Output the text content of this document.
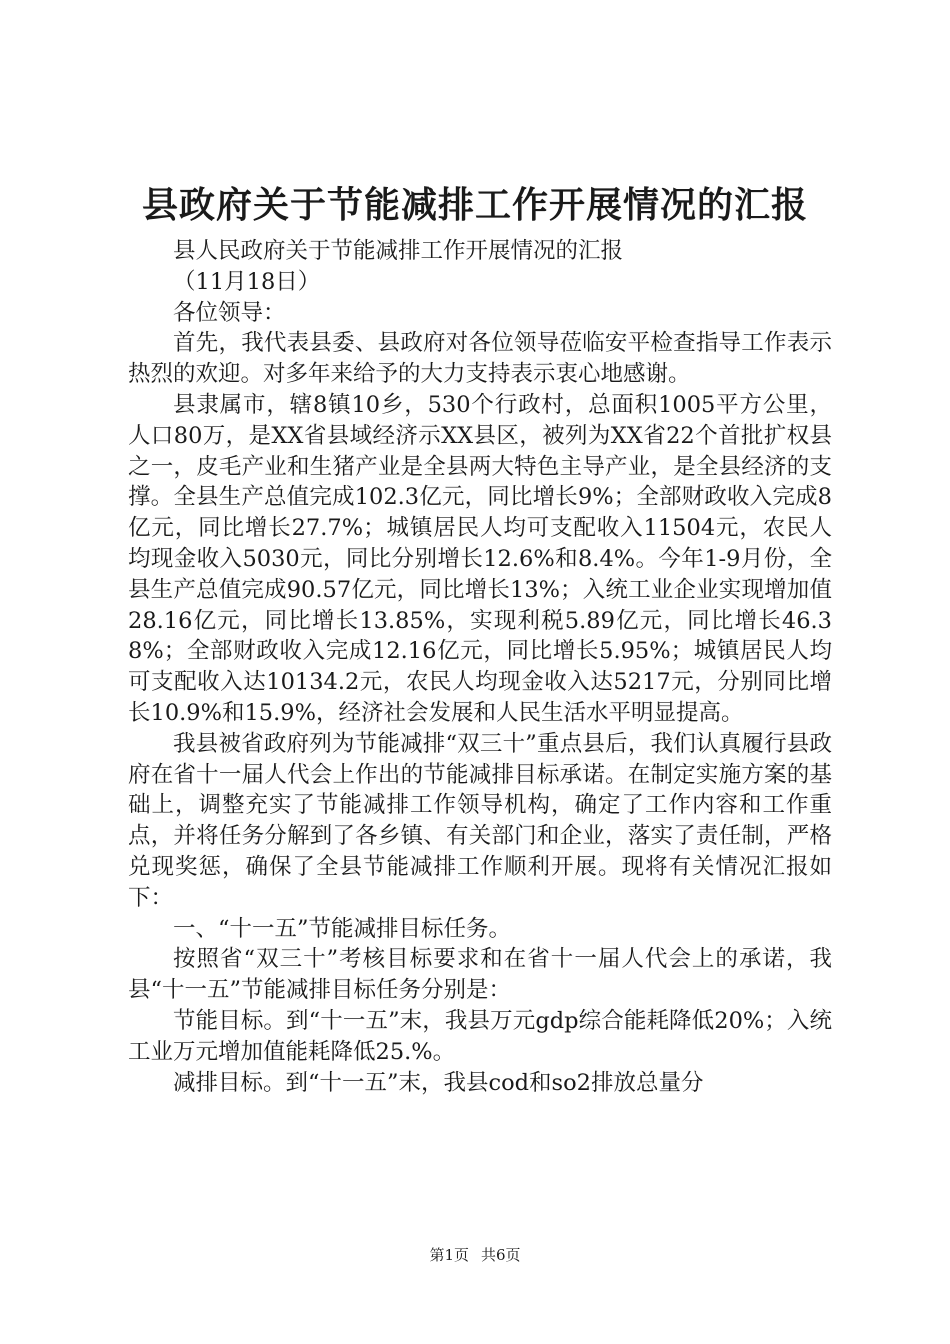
县政府关于节能减排工作开展情况的汇报

县人民政府关于节能减排工作开展情况的汇报

（11月18日）

各位领导：

首先，我代表县委、县政府对各位领导莅临安平检查指导工作表示热烈的欢迎。对多年来给予的大力支持表示衷心地感谢。

县隶属市，辖8镇10乡，530个行政村，总面积1005平方公里，人口80万，是XX省县域经济示XX县区，被列为XX省22个首批扩权县之一，皮毛产业和生猪产业是全县两大特色主导产业，是全县经济的支撑。全县生产总值完成102.3亿元，同比增长9%；全部财政收入完成8亿元，同比增长27.7%；城镇居民人均可支配收入11504元，农民人均现金收入5030元，同比分别增长12.6%和8.4%。今年1-9月份，全县生产总值完成90.57亿元，同比增长13%；入统工业企业实现增加值28.16亿元，同比增长13.85%，实现利税5.89亿元，同比增长46.38%；全部财政收入完成12.16亿元，同比增长5.95%；城镇居民人均可支配收入达10134.2元，农民人均现金收入达5217元，分别同比增长10.9%和15.9%，经济社会发展和人民生活水平明显提高。

我县被省政府列为节能减排“双三十”重点县后，我们认真履行县政府在省十一届人代会上作出的节能减排目标承诺。在制定实施方案的基础上，调整充实了节能减排工作领导机构，确定了工作内容和工作重点，并将任务分解到了各乡镇、有关部门和企业，落实了责任制，严格兑现奖惩，确保了全县节能减排工作顺利开展。现将有关情况汇报如下：

一、“十一五”节能减排目标任务。

按照省“双三十”考核目标要求和在省十一届人代会上的承诺，我县“十一五”节能减排目标任务分别是：

节能目标。到“十一五”末，我县万元gdp综合能耗降低20%；入统工业万元增加值能耗降低25.%。

减排目标。到“十一五”末，我县cod和so2排放总量分

第1页 共6页
